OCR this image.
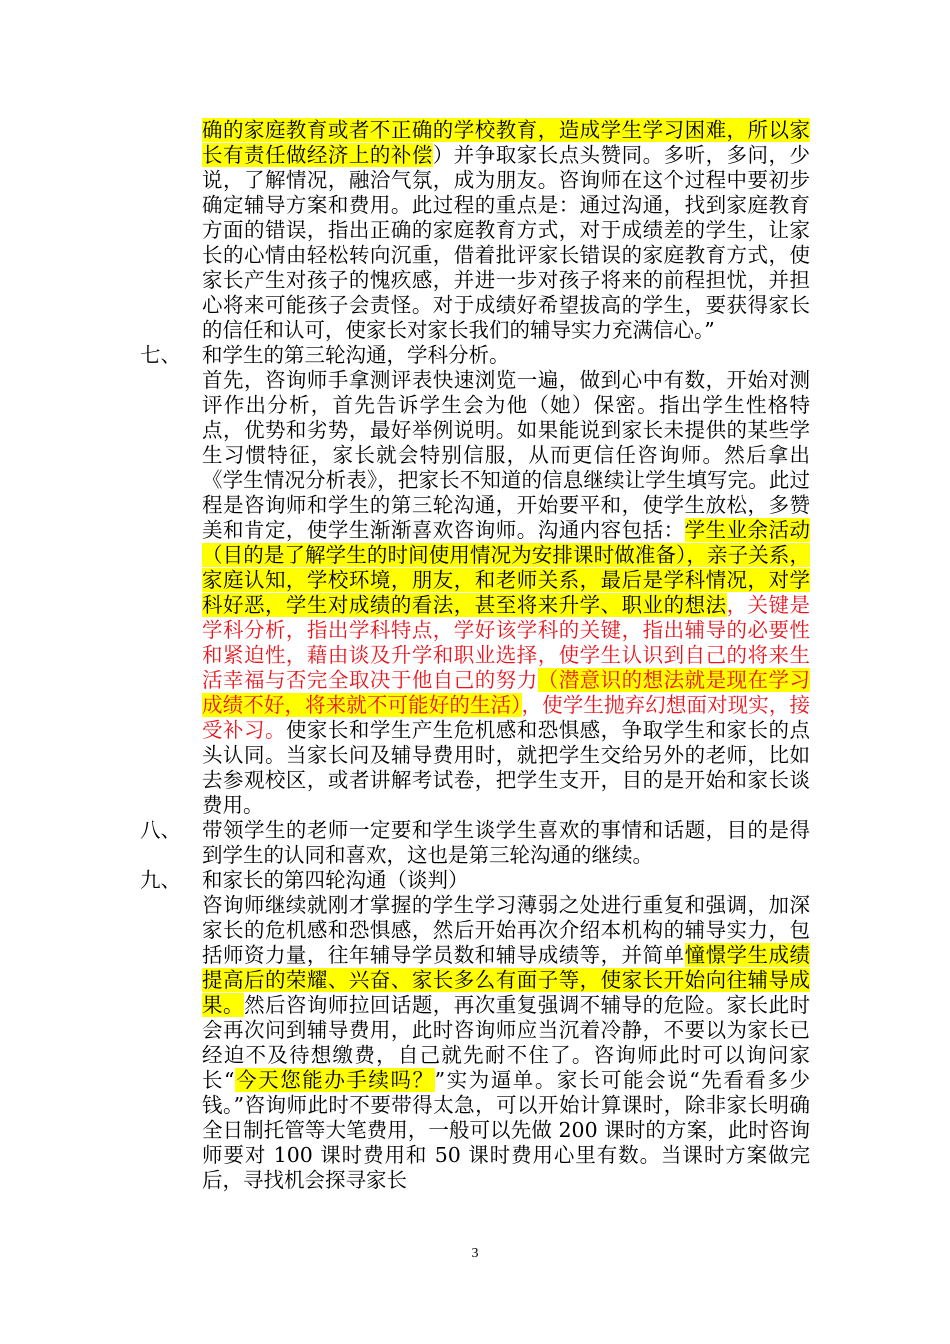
确的家庭教育或者不正确的学校教育，造成学生学习困难，所以家长有责任做经济上的补偿）并争取家长点头赞同。多听，多问，少说，了解情况，融洽气氛，成为朋友。咨询师在这个过程中要初步确定辅导方案和费用。此过程的重点是：通过沟通，找到家庭教育方面的错误，指出正确的家庭教育方式，对于成绩差的学生，让家长的心情由轻松转向沉重，借着批评家长错误的家庭教育方式，使家长产生对孩子的愧疚感，并进一步对孩子将来的前程担忧，并担心将来可能孩子会责怪。对于成绩好希望拔高的学生，要获得家长的信任和认可，使家长对家长我们的辅导实力充满信心。”
七、	和学生的第三轮沟通，学科分析。
首先，咨询师手拿测评表快速浏览一遍，做到心中有数，开始对测评作出分析，首先告诉学生会为他（她）保密。指出学生性格特点，优势和劣势，最好举例说明。如果能说到家长未提供的某些学生习惯特征，家长就会特别信服，从而更信任咨询师。然后拿出《学生情况分析表》，把家长不知道的信息继续让学生填写完。此过程是咨询师和学生的第三轮沟通，开始要平和，使学生放松，多赞美和肯定，使学生渐渐喜欢咨询师。沟通内容包括：学生业余活动（目的是了解学生的时间使用情况为安排课时做准备），亲子关系，家庭认知，学校环境，朋友，和老师关系，最后是学科情况，对学科好恶，学生对成绩的看法，甚至将来升学、职业的想法，关键是学科分析，指出学科特点，学好该学科的关键，指出辅导的必要性和紧迫性，藉由谈及升学和职业选择，使学生认识到自己的将来生活幸福与否完全取决于他自己的努力（潜意识的想法就是现在学习成绩不好，将来就不可能好的生活），使学生抛弃幻想面对现实，接受补习。使家长和学生产生危机感和恐惧感，争取学生和家长的点头认同。当家长问及辅导费用时，就把学生交给另外的老师，比如去参观校区，或者讲解考试卷，把学生支开，目的是开始和家长谈费用。
八、	带领学生的老师一定要和学生谈学生喜欢的事情和话题，目的是得到学生的认同和喜欢，这也是第三轮沟通的继续。
九、	和家长的第四轮沟通（谈判）
咨询师继续就刚才掌握的学生学习薄弱之处进行重复和强调，加深家长的危机感和恐惧感，然后开始再次介绍本机构的辅导实力，包括师资力量，往年辅导学员数和辅导成绩等，并简单憧憬学生成绩提高后的荣耀、兴奋、家长多么有面子等，使家长开始向往辅导成果。然后咨询师拉回话题，再次重复强调不辅导的危险。家长此时会再次问到辅导费用，此时咨询师应当沉着冷静，不要以为家长已经迫不及待想缴费，自己就先耐不住了。咨询师此时可以询问家长“今天您能办手续吗？”实为逼单。家长可能会说“先看看多少钱。”咨询师此时不要带得太急，可以开始计算课时，除非家长明确全日制托管等大笔费用，一般可以先做 200 课时的方案，此时咨询师要对 100 课时费用和 50 课时费用心里有数。当课时方案做完后，寻找机会探寻家长
3
